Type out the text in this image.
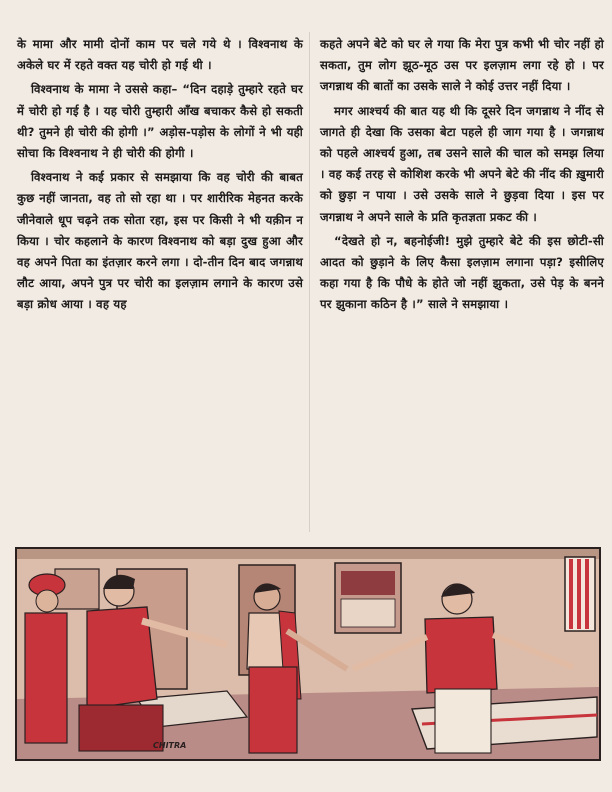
के मामा और मामी दोनों काम पर चले गये थे । विश्वनाथ के अकेले घर में रहते वक्त यह चोरी हो गई थी ।

विश्वनाथ के मामा ने उससे कहा– “दिन दहाड़े तुम्हारे रहते घर में चोरी हो गई है । यह चोरी तुम्हारी आँख बचाकर कैसे हो सकती थी? तुमने ही चोरी की होगी ।” अड़ोस-पड़ोस के लोगों ने भी यही सोचा कि विश्वनाथ ने ही चोरी की होगी ।

विश्वनाथ ने कई प्रकार से समझाया कि वह चोरी की बाबत कुछ नहीं जानता, वह तो सो रहा था । पर शारीरिक मेहनत करके जीनेवाले धूप चढ़ने तक सोता रहा, इस पर किसी ने भी यक़ीन न किया । चोर कहलाने के कारण विश्वनाथ को बड़ा दुख हुआ और वह अपने पिता का इंतज़ार करने लगा । दो-तीन दिन बाद जगन्नाथ लौट आया, अपने पुत्र पर चोरी का इलज़ाम लगाने के कारण उसे बड़ा क्रोध आया । वह यह

कहते अपने बेटे को घर ले गया कि मेरा पुत्र कभी भी चोर नहीं हो सकता, तुम लोग झूठ-मूठ उस पर इलज़ाम लगा रहे हो । पर जगन्नाथ की बातों का उसके साले ने कोई उत्तर नहीं दिया ।

मगर आश्चर्य की बात यह थी कि दूसरे दिन जगन्नाथ ने नींद से जागते ही देखा कि उसका बेटा पहले ही जाग गया है । जगन्नाथ को पहले आश्चर्य हुआ, तब उसने साले की चाल को समझ लिया । वह कई तरह से कोशिश करके भी अपने बेटे की नींद की ख़ुमारी को छुड़ा न पाया । उसे उसके साले ने छुड़वा दिया । इस पर जगन्नाथ ने अपने साले के प्रति कृतज्ञता प्रकट की ।

“देखते हो न, बहनोईजी! मुझे तुम्हारे बेटे की इस छोटी-सी आदत को छुड़ाने के लिए कैसा इलज़ाम लगाना पड़ा? इसीलिए कहा गया है कि पौधे के होते जो नहीं झुकता, उसे पेड़ के बनने पर झुकाना कठिन है ।” साले ने समझाया ।

CHITRA
